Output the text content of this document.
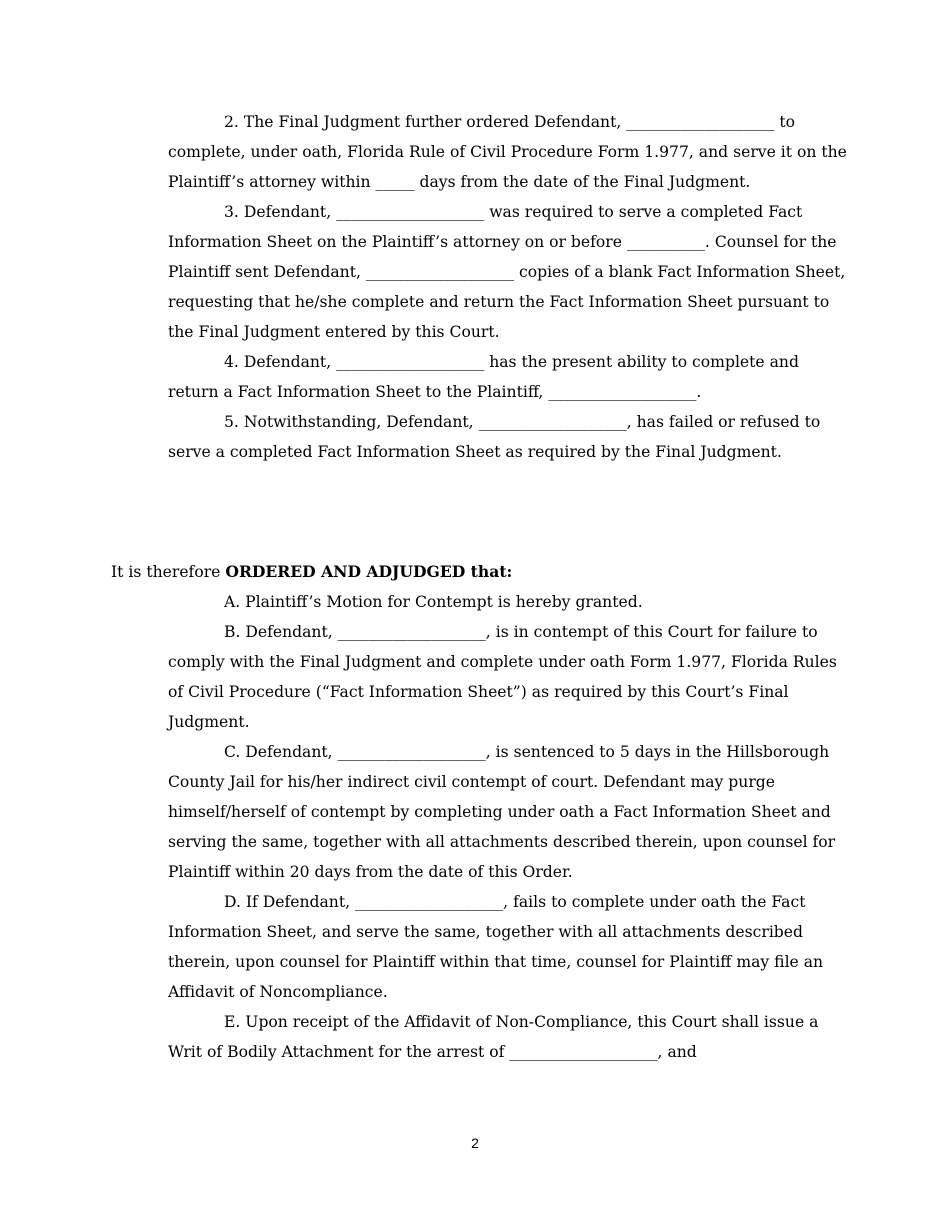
2. The Final Judgment further ordered Defendant, ___________________ to complete, under oath, Florida Rule of Civil Procedure Form 1.977, and serve it on the Plaintiff’s attorney within _____ days from the date of the Final Judgment.

3. Defendant, ___________________ was required to serve a completed Fact Information Sheet on the Plaintiff’s attorney on or before __________. Counsel for the Plaintiff sent Defendant, ___________________ copies of a blank Fact Information Sheet, requesting that he/she complete and return the Fact Information Sheet pursuant to the Final Judgment entered by this Court.

4. Defendant, ___________________ has the present ability to complete and return a Fact Information Sheet to the Plaintiff, ___________________.

5. Notwithstanding, Defendant, ___________________, has failed or refused to serve a completed Fact Information Sheet as required by the Final Judgment.

It is therefore ORDERED AND ADJUDGED that:

A. Plaintiff’s Motion for Contempt is hereby granted.

B. Defendant, ___________________, is in contempt of this Court for failure to comply with the Final Judgment and complete under oath Form 1.977, Florida Rules of Civil Procedure (“Fact Information Sheet”) as required by this Court’s Final Judgment.

C. Defendant, ___________________, is sentenced to 5 days in the Hillsborough County Jail for his/her indirect civil contempt of court. Defendant may purge himself/herself of contempt by completing under oath a Fact Information Sheet and serving the same, together with all attachments described therein, upon counsel for Plaintiff within 20 days from the date of this Order.

D. If Defendant, ___________________, fails to complete under oath the Fact Information Sheet, and serve the same, together with all attachments described therein, upon counsel for Plaintiff within that time, counsel for Plaintiff may file an Affidavit of Noncompliance.

E. Upon receipt of the Affidavit of Non-Compliance, this Court shall issue a Writ of Bodily Attachment for the arrest of ___________________, and

2
